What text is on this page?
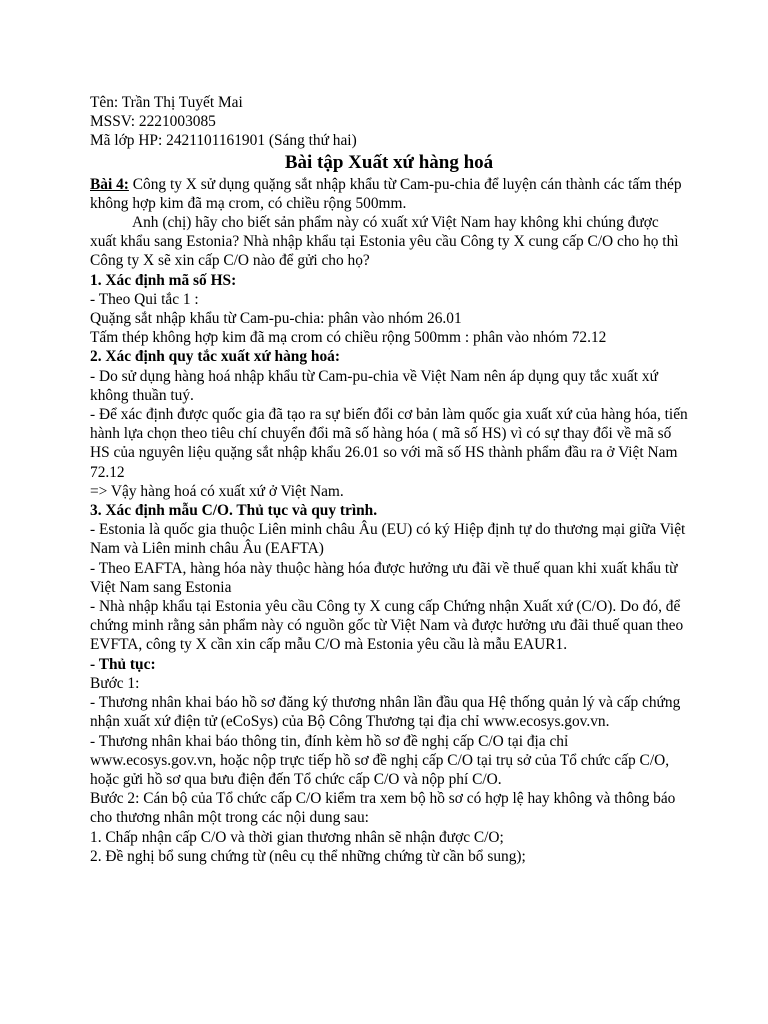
Tên: Trần Thị Tuyết Mai
MSSV: 2221003085
Mã lớp HP: 2421101161901 (Sáng thứ hai)
Bài tập Xuất xứ hàng hoá
Bài 4: Công ty X sử dụng quặng sắt nhập khẩu từ Cam-pu-chia để luyện cán thành các tấm thép không hợp kim đã mạ crom, có chiều rộng 500mm.
Anh (chị) hãy cho biết sản phẩm này có xuất xứ Việt Nam hay không khi chúng được xuất khẩu sang Estonia? Nhà nhập khẩu tại Estonia yêu cầu Công ty X cung cấp C/O cho họ thì Công ty X sẽ xin cấp C/O nào để gửi cho họ?
1. Xác định mã số HS:
- Theo Qui tắc 1 :
Quặng sắt nhập khẩu từ Cam-pu-chia: phân vào nhóm 26.01
Tấm thép không hợp kim đã mạ crom có chiều rộng 500mm : phân vào nhóm 72.12
2. Xác định quy tắc xuất xứ hàng hoá:
- Do sử dụng hàng hoá nhập khẩu từ Cam-pu-chia về Việt Nam nên áp dụng quy tắc xuất xứ không thuần tuý.
- Để xác định được quốc gia đã tạo ra sự biến đổi cơ bản làm quốc gia xuất xứ của hàng hóa, tiến hành lựa chọn theo tiêu chí chuyển đổi mã số hàng hóa ( mã số HS) vì có sự thay đổi về mã số HS của nguyên liệu quặng sắt nhập khẩu 26.01 so với mã số HS thành phẩm đầu ra ở Việt Nam 72.12
=> Vậy hàng hoá có xuất xứ ở Việt Nam.
3. Xác định mẫu C/O. Thủ tục và quy trình.
- Estonia là quốc gia thuộc Liên minh châu Âu (EU) có ký Hiệp định tự do thương mại giữa Việt Nam và Liên minh châu Âu (EAFTA)
- Theo EAFTA, hàng hóa này thuộc hàng hóa được hưởng ưu đãi về thuế quan khi xuất khẩu từ Việt Nam sang Estonia
- Nhà nhập khẩu tại Estonia yêu cầu Công ty X cung cấp Chứng nhận Xuất xứ (C/O). Do đó, để chứng minh rằng sản phẩm này có nguồn gốc từ Việt Nam và được hưởng ưu đãi thuế quan theo EVFTA, công ty X cần xin cấp mẫu C/O mà Estonia yêu cầu là mẫu EAUR1.
- Thủ tục:
Bước 1:
- Thương nhân khai báo hồ sơ đăng ký thương nhân lần đầu qua Hệ thống quản lý và cấp chứng nhận xuất xứ điện tử (eCoSys) của Bộ Công Thương tại địa chỉ www.ecosys.gov.vn.
- Thương nhân khai báo thông tin, đính kèm hồ sơ đề nghị cấp C/O tại địa chỉ www.ecosys.gov.vn, hoặc nộp trực tiếp hồ sơ đề nghị cấp C/O tại trụ sở của Tổ chức cấp C/O, hoặc gửi hồ sơ qua bưu điện đến Tổ chức cấp C/O và nộp phí C/O.
Bước 2: Cán bộ của Tổ chức cấp C/O kiểm tra xem bộ hồ sơ có hợp lệ hay không và thông báo cho thương nhân một trong các nội dung sau:
1. Chấp nhận cấp C/O và thời gian thương nhân sẽ nhận được C/O;
2. Đề nghị bổ sung chứng từ (nêu cụ thể những chứng từ cần bổ sung);
